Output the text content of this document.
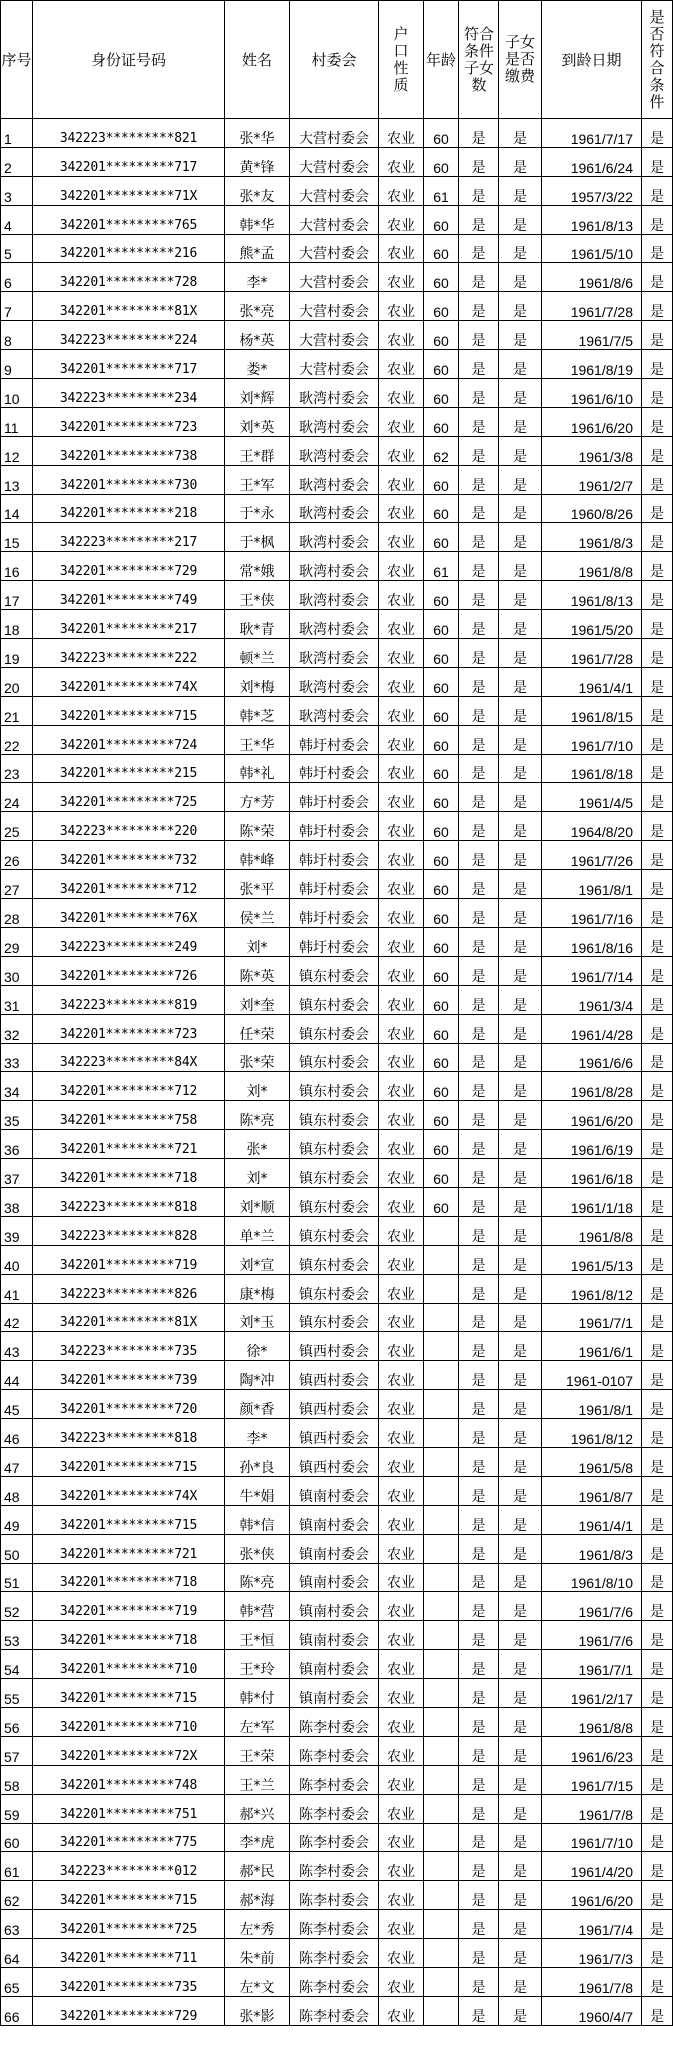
序号	身份证号码	姓名	村委会	户口性质	年龄	符合条件子女数	子女是否缴费	到龄日期	是否符合条件
1	342223*********821	张*华	大营村委会	农业	60	是	是	1961/7/17	是
2	342201*********717	黄*锋	大营村委会	农业	60	是	是	1961/6/24	是
3	342201*********71X	张*友	大营村委会	农业	61	是	是	1957/3/22	是
4	342201*********765	韩*华	大营村委会	农业	60	是	是	1961/8/13	是
5	342201*********216	熊*孟	大营村委会	农业	60	是	是	1961/5/10	是
6	342201*********728	李*	大营村委会	农业	60	是	是	1961/8/6	是
7	342201*********81X	张*亮	大营村委会	农业	60	是	是	1961/7/28	是
8	342223*********224	杨*英	大营村委会	农业	60	是	是	1961/7/5	是
9	342201*********717	娄*	大营村委会	农业	60	是	是	1961/8/19	是
10	342223*********234	刘*辉	耿湾村委会	农业	60	是	是	1961/6/10	是
11	342201*********723	刘*英	耿湾村委会	农业	60	是	是	1961/6/20	是
12	342201*********738	王*群	耿湾村委会	农业	62	是	是	1961/3/8	是
13	342201*********730	王*军	耿湾村委会	农业	60	是	是	1961/2/7	是
14	342201*********218	于*永	耿湾村委会	农业	60	是	是	1960/8/26	是
15	342223*********217	于*枫	耿湾村委会	农业	60	是	是	1961/8/3	是
16	342201*********729	常*娥	耿湾村委会	农业	61	是	是	1961/8/8	是
17	342201*********749	王*侠	耿湾村委会	农业	60	是	是	1961/8/13	是
18	342201*********217	耿*青	耿湾村委会	农业	60	是	是	1961/5/20	是
19	342223*********222	顿*兰	耿湾村委会	农业	60	是	是	1961/7/28	是
20	342201*********74X	刘*梅	耿湾村委会	农业	60	是	是	1961/4/1	是
21	342201*********715	韩*芝	耿湾村委会	农业	60	是	是	1961/8/15	是
22	342201*********724	王*华	韩圩村委会	农业	60	是	是	1961/7/10	是
23	342201*********215	韩*礼	韩圩村委会	农业	60	是	是	1961/8/18	是
24	342201*********725	方*芳	韩圩村委会	农业	60	是	是	1961/4/5	是
25	342223*********220	陈*荣	韩圩村委会	农业	60	是	是	1964/8/20	是
26	342201*********732	韩*峰	韩圩村委会	农业	60	是	是	1961/7/26	是
27	342201*********712	张*平	韩圩村委会	农业	60	是	是	1961/8/1	是
28	342201*********76X	侯*兰	韩圩村委会	农业	60	是	是	1961/7/16	是
29	342223*********249	刘*	韩圩村委会	农业	60	是	是	1961/8/16	是
30	342201*********726	陈*英	镇东村委会	农业	60	是	是	1961/7/14	是
31	342223*********819	刘*奎	镇东村委会	农业	60	是	是	1961/3/4	是
32	342201*********723	任*荣	镇东村委会	农业	60	是	是	1961/4/28	是
33	342223*********84X	张*荣	镇东村委会	农业	60	是	是	1961/6/6	是
34	342201*********712	刘*	镇东村委会	农业	60	是	是	1961/8/28	是
35	342201*********758	陈*亮	镇东村委会	农业	60	是	是	1961/6/20	是
36	342201*********721	张*	镇东村委会	农业	60	是	是	1961/6/19	是
37	342201*********718	刘*	镇东村委会	农业	60	是	是	1961/6/18	是
38	342223*********818	刘*顺	镇东村委会	农业	60	是	是	1961/1/18	是
39	342223*********828	单*兰	镇东村委会	农业		是	是	1961/8/8	是
40	342201*********719	刘*宣	镇东村委会	农业		是	是	1961/5/13	是
41	342223*********826	康*梅	镇东村委会	农业		是	是	1961/8/12	是
42	342201*********81X	刘*玉	镇东村委会	农业		是	是	1961/7/1	是
43	342223*********735	徐*	镇西村委会	农业		是	是	1961/6/1	是
44	342201*********739	陶*冲	镇西村委会	农业		是	是	1961-0107	是
45	342201*********720	颜*香	镇西村委会	农业		是	是	1961/8/1	是
46	342223*********818	李*	镇西村委会	农业		是	是	1961/8/12	是
47	342201*********715	孙*良	镇西村委会	农业		是	是	1961/5/8	是
48	342201*********74X	牛*娟	镇南村委会	农业		是	是	1961/8/7	是
49	342201*********715	韩*信	镇南村委会	农业		是	是	1961/4/1	是
50	342201*********721	张*侠	镇南村委会	农业		是	是	1961/8/3	是
51	342201*********718	陈*亮	镇南村委会	农业		是	是	1961/8/10	是
52	342201*********719	韩*营	镇南村委会	农业		是	是	1961/7/6	是
53	342201*********718	王*恒	镇南村委会	农业		是	是	1961/7/6	是
54	342201*********710	王*玲	镇南村委会	农业		是	是	1961/7/1	是
55	342201*********715	韩*付	镇南村委会	农业		是	是	1961/2/17	是
56	342201*********710	左*军	陈李村委会	农业		是	是	1961/8/8	是
57	342201*********72X	王*荣	陈李村委会	农业		是	是	1961/6/23	是
58	342201*********748	王*兰	陈李村委会	农业		是	是	1961/7/15	是
59	342201*********751	郝*兴	陈李村委会	农业		是	是	1961/7/8	是
60	342201*********775	李*虎	陈李村委会	农业		是	是	1961/7/10	是
61	342223*********012	郝*民	陈李村委会	农业		是	是	1961/4/20	是
62	342201*********715	郝*海	陈李村委会	农业		是	是	1961/6/20	是
63	342201*********725	左*秀	陈李村委会	农业		是	是	1961/7/4	是
64	342201*********711	朱*前	陈李村委会	农业		是	是	1961/7/3	是
65	342201*********735	左*文	陈李村委会	农业		是	是	1961/7/8	是
66	342201*********729	张*影	陈李村委会	农业		是	是	1960/4/7	是
